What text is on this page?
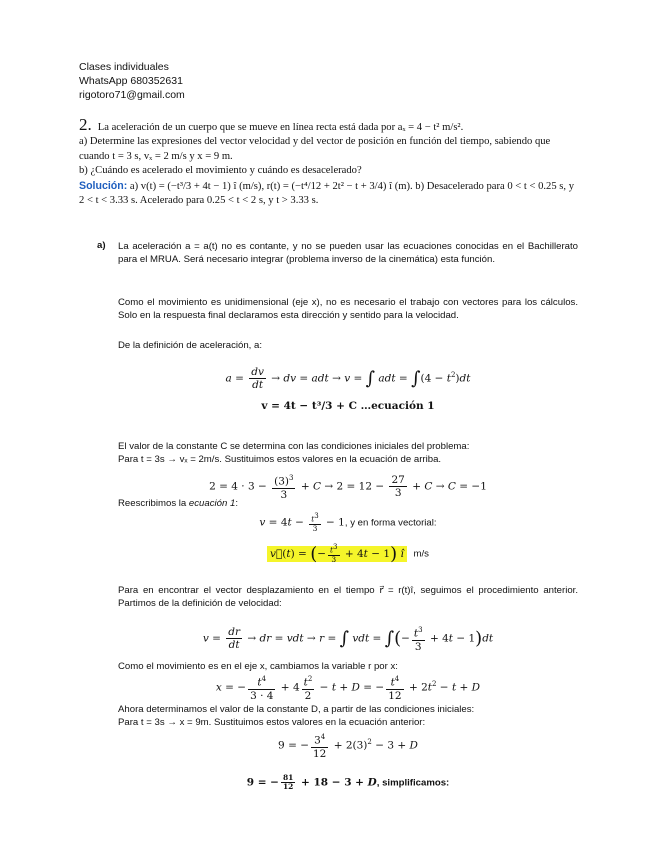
Clases individuales
WhatsApp 680352631
rigotoro71@gmail.com
2. La aceleración de un cuerpo que se mueve en línea recta está dada por aₓ = 4 − t² m/s².
a) Determine las expresiones del vector velocidad y del vector de posición en función del tiempo, sabiendo que cuando t = 3 s, vₓ = 2 m/s y x = 9 m.
b) ¿Cuándo es acelerado el movimiento y cuándo es desacelerado?
Solución: a) v(t) = (−t³/3 + 4t − 1) î (m/s), r(t) = (−t⁴/12 + 2t² − t + 3/4) î (m). b) Desacelerado para 0 < t < 0.25 s, y 2 < t < 3.33 s. Acelerado para 0.25 < t < 2 s, y t > 3.33 s.
a) La aceleración a = a(t) no es contante, y no se pueden usar las ecuaciones conocidas en el Bachillerato para el MRUA. Será necesario integrar (problema inverso de la cinemática) esta función.
Como el movimiento es unidimensional (eje x), no es necesario el trabajo con vectores para los cálculos. Solo en la respuesta final declaramos esta dirección y sentido para la velocidad.
De la definición de aceleración, a:
$a = \frac{dv}{dt}$ → dv = adt → v = ∫ adt = $\int(4 - t^2)dt$
v = 4t − t³/3 + C …ecuación 1
El valor de la constante C se determina con las condiciones iniciales del problema:
Para t = 3s → vₓ = 2m/s. Sustituimos estos valores en la ecuación de arriba.
$2 = 4 \cdot 3 - \frac{(3)^3}{3} + C \to 2 = 12 - \frac{27}{3} + C \to C = -1$
Reescribimos la ecuación 1:
$v = 4t - \frac{t^3}{3} - 1$, y en forma vectorial:
v⃗(t) = (− $\frac{t^3}{3} + 4t - 1$) î m/s
Para en encontrar el vector desplazamiento en el tiempo r⃗ = r(t)î, seguimos el procedimiento anterior. Partimos de la definición de velocidad:
$v = \frac{dr}{dt}$ → dr = vdt → r = ∫ vdt = ∫(− $\frac{t^3}{3} + 4t - 1)dt$
Como el movimiento es en el eje x, cambiamos la variable r por x:
x = − $\frac{t^4}{3 \cdot 4} + 4 \frac{t^2}{2} - t + D$ = − $\frac{t^4}{12} + 2t^2 - t + D$
Ahora determinamos el valor de la constante D, a partir de las condiciones iniciales:
Para t = 3s → x = 9m. Sustituimos estos valores en la ecuación anterior:
9 = − $\frac{3^4}{12} + 2(3)^2 - 3 + D$
9 = − $\frac{81}{12} + 18 - 3 + D$, simplificamos:
